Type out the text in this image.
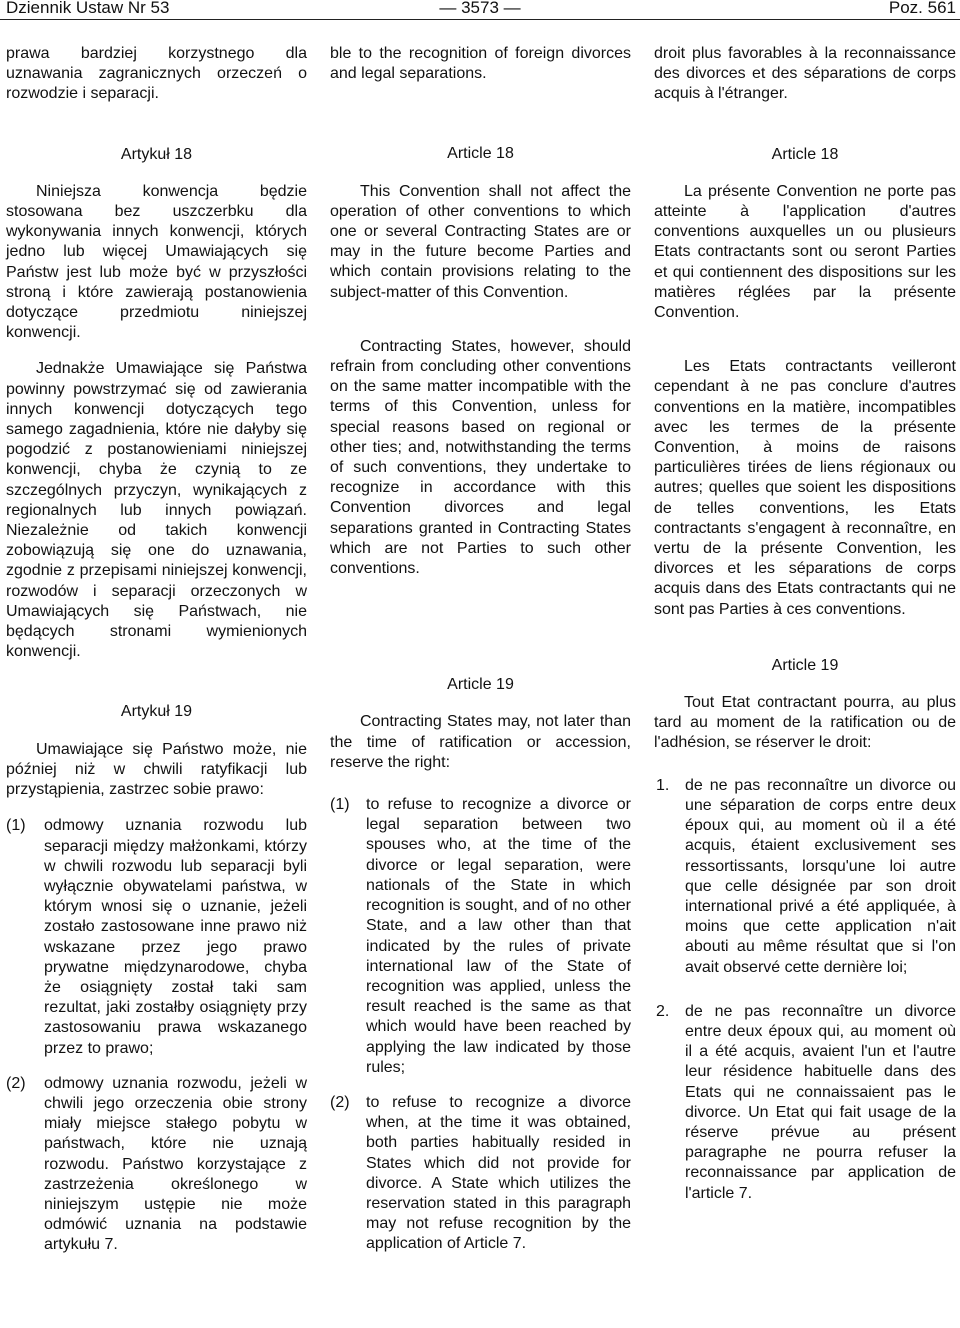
Dziennik Ustaw Nr 53	— 3573 —	Poz. 561

prawa bardziej korzystnego dla uznawania zagranicznych orzeczeń o rozwodzie i separacji.

Artykuł 18

Niniejsza konwencja będzie stosowana bez uszczerbku dla wykonywania innych konwencji, których jedno lub więcej Umawiających się Państw jest lub może być w przyszłości stroną i które zawierają postanowienia dotyczące przedmiotu niniejszej konwencji.

Jednakże Umawiające się Państwa powinny powstrzymać się od zawierania innych konwencji dotyczących tego samego zagadnienia, które nie dałyby się pogodzić z postanowieniami niniejszej konwencji, chyba że czynią to ze szczególnych przyczyn, wynikających z regionalnych lub innych powiązań. Niezależnie od takich konwencji zobowiązują się one do uznawania, zgodnie z przepisami niniejszej konwencji, rozwodów i separacji orzeczonych w Umawiających się Państwach, nie będących stronami wymienionych konwencji.

Artykuł 19

Umawiające się Państwo może, nie później niż w chwili ratyfikacji lub przystąpienia, zastrzec sobie prawo:

(1)	odmowy uznania rozwodu lub separacji między małżonkami, którzy w chwili rozwodu lub separacji byli wyłącznie obywatelami państwa, w którym wnosi się o uznanie, jeżeli zostało zastosowane inne prawo niż wskazane przez jego prawo prywatne międzynarodowe, chyba że osiągnięty został taki sam rezultat, jaki zostałby osiągnięty przy zastosowaniu prawa wskazanego przez to prawo;

(2)	odmowy uznania rozwodu, jeżeli w chwili jego orzeczenia obie strony miały miejsce stałego pobytu w państwach, które nie uznają rozwodu. Państwo korzystające z zastrzeżenia określonego w niniejszym ustępie nie może odmówić uznania na podstawie artykułu 7.

ble to the recognition of foreign divorces and legal separations.

Article 18

This Convention shall not affect the operation of other conventions to which one or several Contracting States are or may in the future become Parties and which contain provisions relating to the subject-matter of this Convention.

Contracting States, however, should refrain from concluding other conventions on the same matter incompatible with the terms of this Convention, unless for special reasons based on regional or other ties; and, notwithstanding the terms of such conventions, they undertake to recognize in accordance with this Convention divorces and legal separations granted in Contracting States which are not Parties to such other conventions.

Article 19

Contracting States may, not later than the time of ratification or accession, reserve the right:

(1)	to refuse to recognize a divorce or legal separation between two spouses who, at the time of the divorce or legal separation, were nationals of the State in which recognition is sought, and of no other State, and a law other than that indicated by the rules of private international law of the State of recognition was applied, unless the result reached is the same as that which would have been reached by applying the law indicated by those rules;

(2)	to refuse to recognize a divorce when, at the time it was obtained, both parties habitually resided in States which did not provide for divorce. A State which utilizes the reservation stated in this paragraph may not refuse recognition by the application of Article 7.

droit plus favorables à la reconnaissance des divorces et des séparations de corps acquis à l'étranger.

Article 18

La présente Convention ne porte pas atteinte à l'application d'autres conventions auxquelles un ou plusieurs Etats contractants sont ou seront Parties et qui contiennent des dispositions sur les matières réglées par la présente Convention.

Les Etats contractants veilleront cependant à ne pas conclure d'autres conventions en la matière, incompatibles avec les termes de la présente Convention, à moins de raisons particulières tirées de liens régionaux ou autres; quelles que soient les dispositions de telles conventions, les Etats contractants s'engagent à reconnaître, en vertu de la présente Convention, les divorces et les séparations de corps acquis dans des Etats contractants qui ne sont pas Parties à ces conventions.

Article 19

Tout Etat contractant pourra, au plus tard au moment de la ratification ou de l'adhésion, se réserver le droit:

1. de ne pas reconnaître un divorce ou une séparation de corps entre deux époux qui, au moment où il a été acquis, étaient exclusivement ses ressortissants, lorsqu'une loi autre que celle désignée par son droit international privé a été appliquée, à moins que cette application n'ait abouti au même résultat que si l'on avait observé cette dernière loi;

2. de ne pas reconnaître un divorce entre deux époux qui, au moment où il a été acquis, avaient l'un et l'autre leur résidence habituelle dans des Etats qui ne connaissaient pas le divorce. Un Etat qui fait usage de la réserve prévue au présent paragraphe ne pourra refuser la reconnaissance par application de l'article 7.
